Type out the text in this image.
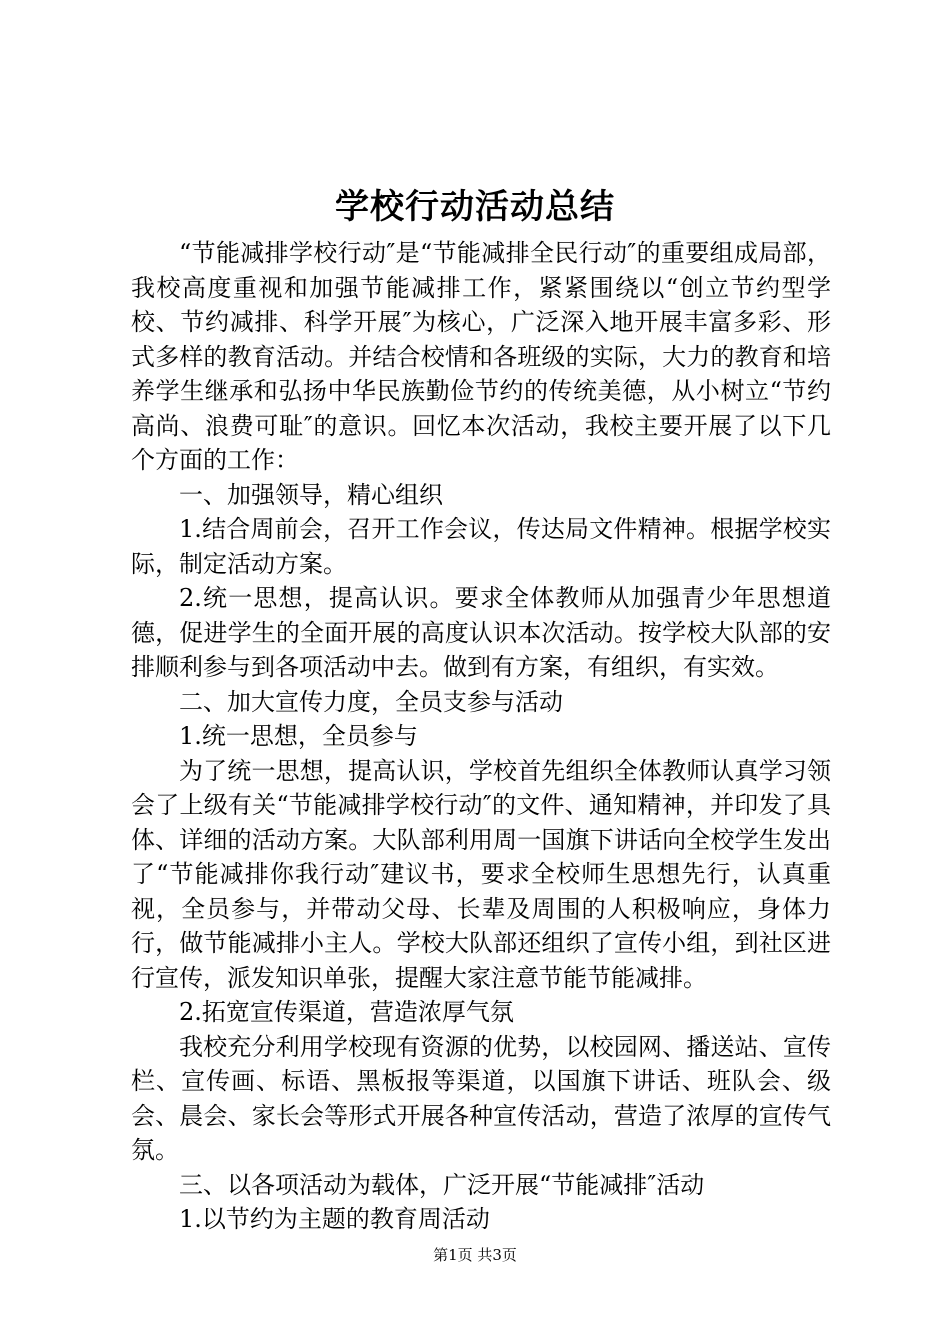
学校行动活动总结

“节能减排学校行动″是“节能减排全民行动″的重要组成局部，我校高度重视和加强节能减排工作，紧紧围绕以“创立节约型学校、节约减排、科学开展″为核心，广泛深入地开展丰富多彩、形式多样的教育活动。并结合校情和各班级的实际，大力的教育和培养学生继承和弘扬中华民族勤俭节约的传统美德，从小树立“节约高尚、浪费可耻″的意识。回忆本次活动，我校主要开展了以下几个方面的工作：

一、加强领导，精心组织

1.结合周前会，召开工作会议，传达局文件精神。根据学校实际，制定活动方案。

2.统一思想，提高认识。要求全体教师从加强青少年思想道德，促进学生的全面开展的高度认识本次活动。按学校大队部的安排顺利参与到各项活动中去。做到有方案，有组织，有实效。

二、加大宣传力度，全员支参与活动

1.统一思想，全员参与

为了统一思想，提高认识，学校首先组织全体教师认真学习领会了上级有关“节能减排学校行动″的文件、通知精神，并印发了具体、详细的活动方案。大队部利用周一国旗下讲话向全校学生发出了“节能减排你我行动″建议书，要求全校师生思想先行，认真重视，全员参与，并带动父母、长辈及周围的人积极响应，身体力行，做节能减排小主人。学校大队部还组织了宣传小组，到社区进行宣传，派发知识单张，提醒大家注意节能节能减排。

2.拓宽宣传渠道，营造浓厚气氛

我校充分利用学校现有资源的优势，以校园网、播送站、宣传栏、宣传画、标语、黑板报等渠道，以国旗下讲话、班队会、级会、晨会、家长会等形式开展各种宣传活动，营造了浓厚的宣传气氛。

三、以各项活动为载体，广泛开展“节能减排″活动

1.以节约为主题的教育周活动

第1页 共3页
